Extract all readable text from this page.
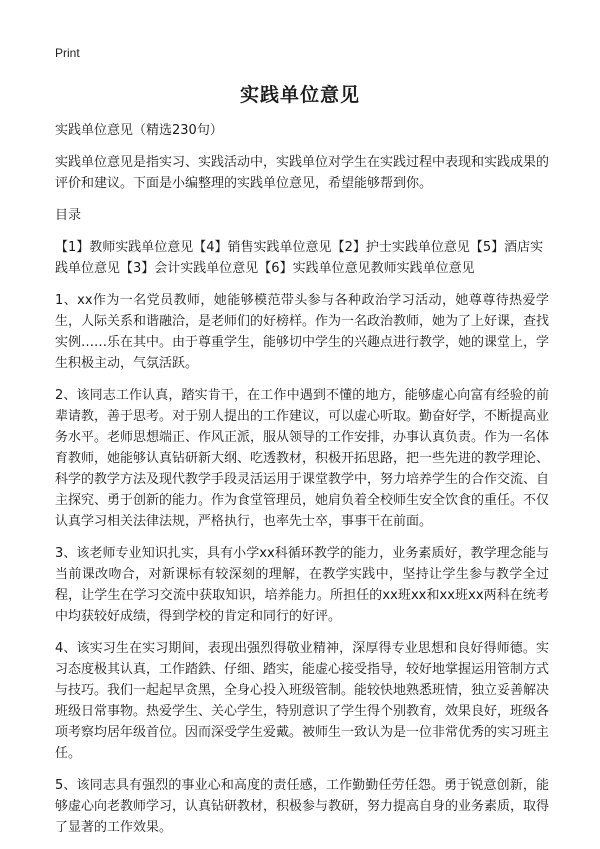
Print
实践单位意见

实践单位意见（精选230句）

实践单位意见是指实习、实践活动中，实践单位对学生在实践过程中表现和实践成果的评价和建议。下面是小编整理的实践单位意见，希望能够帮到你。

目录

【1】教师实践单位意见【4】销售实践单位意见【2】护士实践单位意见【5】酒店实践单位意见【3】会计实践单位意见【6】实践单位意见教师实践单位意见

1、xx作为一名党员教师，她能够模范带头参与各种政治学习活动，她尊尊待热爱学生，人际关系和谐融洽，是老师们的好榜样。作为一名政治教师，她为了上好课，查找实例……乐在其中。由于尊重学生，能够切中学生的兴趣点进行教学，她的课堂上，学生积极主动，气氛活跃。

2、该同志工作认真，踏实肯干，在工作中遇到不懂的地方，能够虚心向富有经验的前辈请教，善于思考。对于别人提出的工作建议，可以虚心听取。勤奋好学，不断提高业务水平。老师思想端正、作风正派，服从领导的工作安排，办事认真负责。作为一名体育教师，她能够认真钻研新大纲、吃透教材，积极开拓思路，把一些先进的教学理论、科学的教学方法及现代教学手段灵活运用于课堂教学中，努力培养学生的合作交流、自主探究、勇于创新的能力。作为食堂管理员，她肩负着全校师生安全饮食的重任。不仅认真学习相关法律法规，严格执行，也率先士卒，事事干在前面。

3、该老师专业知识扎实，具有小学xx科循环教学的能力，业务素质好，教学理念能与当前课改吻合，对新课标有较深刻的理解，在教学实践中，坚持让学生参与教学全过程，让学生在学习交流中获取知识，培养能力。所担任的xx班xx和xx班xx两科在统考中均获较好成绩，得到学校的肯定和同行的好评。

4、该实习生在实习期间，表现出强烈得敬业精神，深厚得专业思想和良好得师德。实习态度极其认真，工作踏鉄、仔细、踏实，能虚心接受指导，较好地掌握运用管制方式与技巧。我们一起起早贪黑，全身心投入班级管制。能较快地熟悉班情，独立妥善解决班级日常事物。热爱学生、关心学生，特别意识了学生得个别教育，效果良好，班级各项考察均居年级首位。因而深受学生爱戴。被师生一致认为是一位非常优秀的实习班主任。

5、该同志具有强烈的事业心和高度的责任感，工作勤勤任劳任怨。勇于锐意创新，能够虚心向老教师学习，认真钻研教材，积极参与教研，努力提高自身的业务素质，取得了显著的工作效果。
